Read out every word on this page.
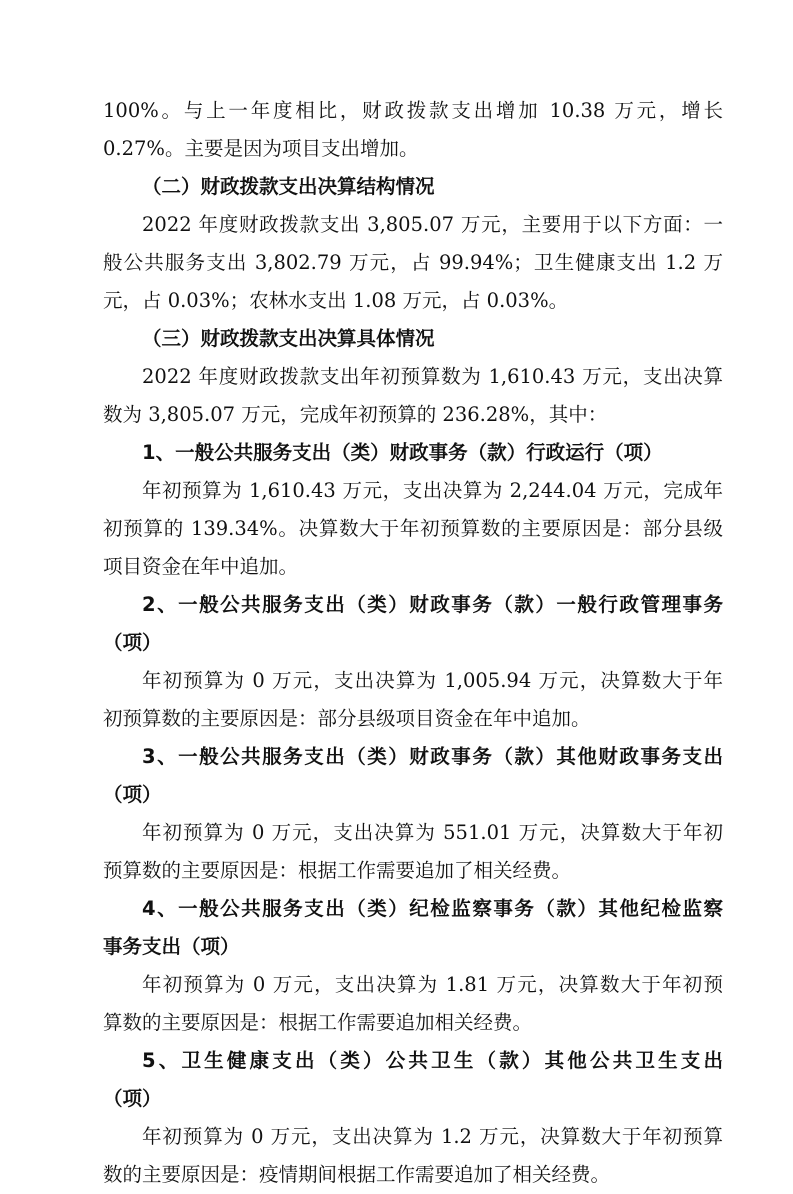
100%。与上一年度相比，财政拨款支出增加 10.38 万元，增长
0.27%。主要是因为项目支出增加。
（二）财政拨款支出决算结构情况
2022 年度财政拨款支出 3,805.07 万元，主要用于以下方面：一
般公共服务支出 3,802.79 万元，占 99.94%；卫生健康支出 1.2 万
元，占 0.03%；农林水支出 1.08 万元，占 0.03%。
（三）财政拨款支出决算具体情况
2022 年度财政拨款支出年初预算数为 1,610.43 万元，支出决算
数为 3,805.07 万元，完成年初预算的 236.28%，其中：
1、一般公共服务支出（类）财政事务（款）行政运行（项）
年初预算为 1,610.43 万元，支出决算为 2,244.04 万元，完成年
初预算的 139.34%。决算数大于年初预算数的主要原因是：部分县级
项目资金在年中追加。
2、一般公共服务支出（类）财政事务（款）一般行政管理事务
（项）
年初预算为 0 万元，支出决算为 1,005.94 万元，决算数大于年
初预算数的主要原因是：部分县级项目资金在年中追加。
3、一般公共服务支出（类）财政事务（款）其他财政事务支出
（项）
年初预算为 0 万元，支出决算为 551.01 万元，决算数大于年初
预算数的主要原因是：根据工作需要追加了相关经费。
4、一般公共服务支出（类）纪检监察事务（款）其他纪检监察
事务支出（项）
年初预算为 0 万元，支出决算为 1.81 万元，决算数大于年初预
算数的主要原因是：根据工作需要追加相关经费。
5、卫生健康支出（类）公共卫生（款）其他公共卫生支出
（项）
年初预算为 0 万元，支出决算为 1.2 万元，决算数大于年初预算
数的主要原因是：疫情期间根据工作需要追加了相关经费。
